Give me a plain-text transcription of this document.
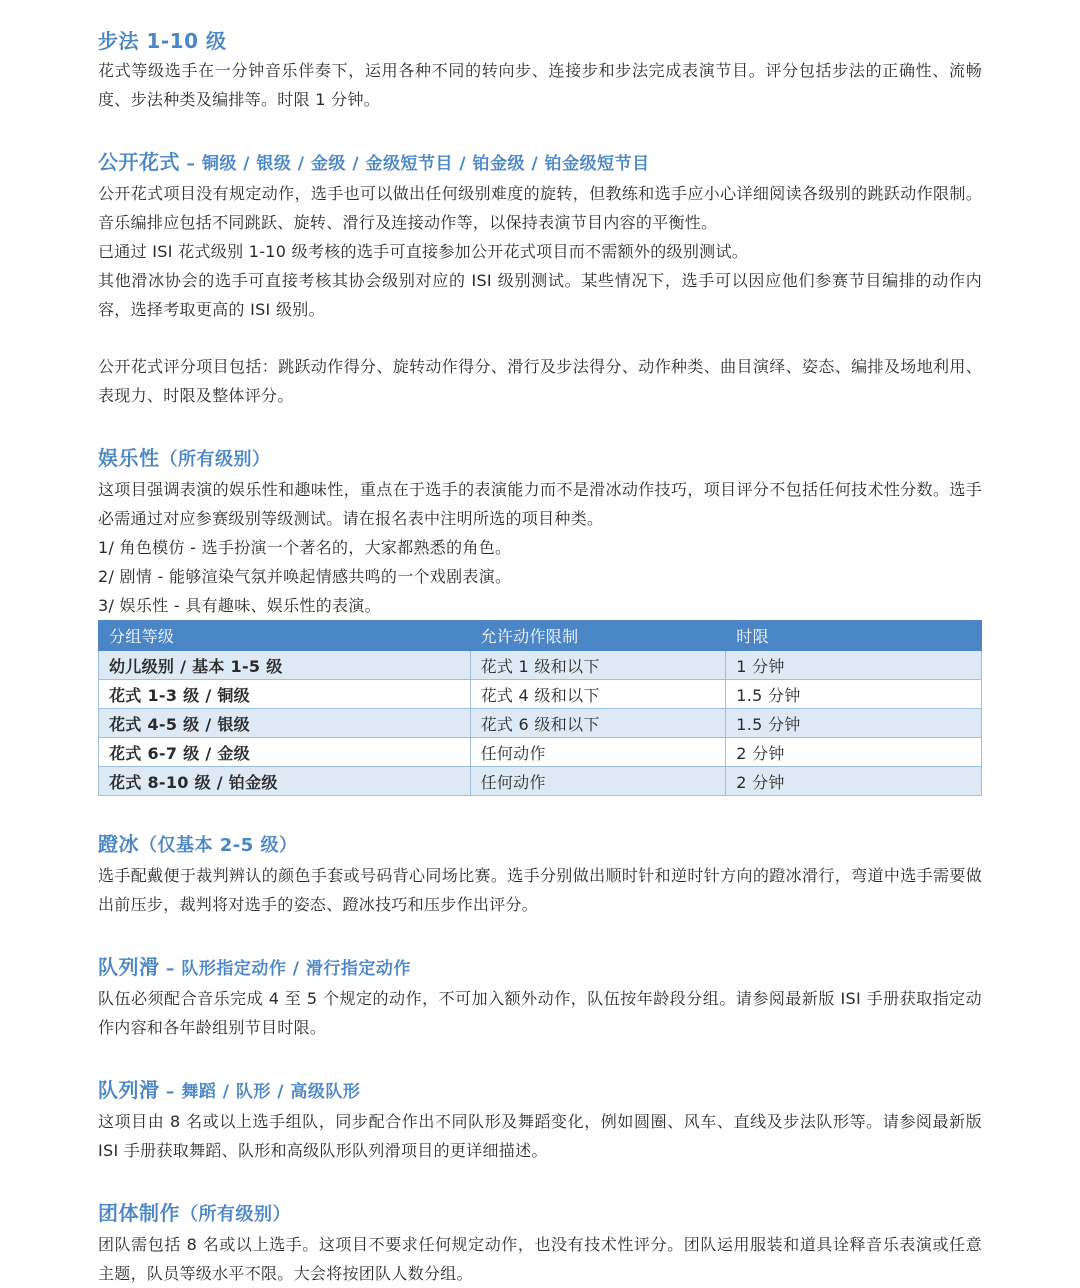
步法 1-10 级

花式等级选手在一分钟音乐伴奏下，运用各种不同的转向步、连接步和步法完成表演节目。评分包括步法的正确性、流畅度、步法种类及编排等。时限 1 分钟。

公开花式 – 铜级 / 银级 / 金级 / 金级短节目 / 铂金级 / 铂金级短节目

公开花式项目没有规定动作，选手也可以做出任何级别难度的旋转，但教练和选手应小心详细阅读各级别的跳跃动作限制。音乐编排应包括不同跳跃、旋转、滑行及连接动作等，以保持表演节目内容的平衡性。

已通过 ISI 花式级别 1-10 级考核的选手可直接参加公开花式项目而不需额外的级别测试。

其他滑冰协会的选手可直接考核其协会级别对应的 ISI 级别测试。某些情况下，选手可以因应他们参赛节目编排的动作内容，选择考取更高的 ISI 级别。

公开花式评分项目包括：跳跃动作得分、旋转动作得分、滑行及步法得分、动作种类、曲目演绎、姿态、编排及场地利用、表现力、时限及整体评分。

娱乐性（所有级别）

这项目强调表演的娱乐性和趣味性，重点在于选手的表演能力而不是滑冰动作技巧，项目评分不包括任何技术性分数。选手必需通过对应参赛级别等级测试。请在报名表中注明所选的项目种类。

1/ 角色模仿 - 选手扮演一个著名的，大家都熟悉的角色。

2/ 剧情 - 能够渲染气氛并唤起情感共鸣的一个戏剧表演。

3/ 娱乐性 - 具有趣味、娱乐性的表演。

分组等级	允许动作限制	时限
幼儿级别 / 基本 1-5 级	花式 1 级和以下	1 分钟
花式 1-3 级 / 铜级	花式 4 级和以下	1.5 分钟
花式 4-5 级 / 银级	花式 6 级和以下	1.5 分钟
花式 6-7 级 / 金级	任何动作	2 分钟
花式 8-10 级 / 铂金级	任何动作	2 分钟
蹬冰（仅基本 2-5 级）

选手配戴便于裁判辨认的颜色手套或号码背心同场比赛。选手分别做出顺时针和逆时针方向的蹬冰滑行，弯道中选手需要做出前压步，裁判将对选手的姿态、蹬冰技巧和压步作出评分。

队列滑 – 队形指定动作 / 滑行指定动作

队伍必须配合音乐完成 4 至 5 个规定的动作，不可加入额外动作，队伍按年龄段分组。请参阅最新版 ISI 手册获取指定动作内容和各年龄组别节目时限。

队列滑 – 舞蹈 / 队形 / 高级队形

这项目由 8 名或以上选手组队，同步配合作出不同队形及舞蹈变化，例如圆圈、风车、直线及步法队形等。请参阅最新版 ISI 手册获取舞蹈、队形和高级队形队列滑项目的更详细描述。

团体制作（所有级别）

团队需包括 8 名或以上选手。这项目不要求任何规定动作，也没有技术性评分。团队运用服装和道具诠释音乐表演或任意主题，队员等级水平不限。大会将按团队人数分组。
